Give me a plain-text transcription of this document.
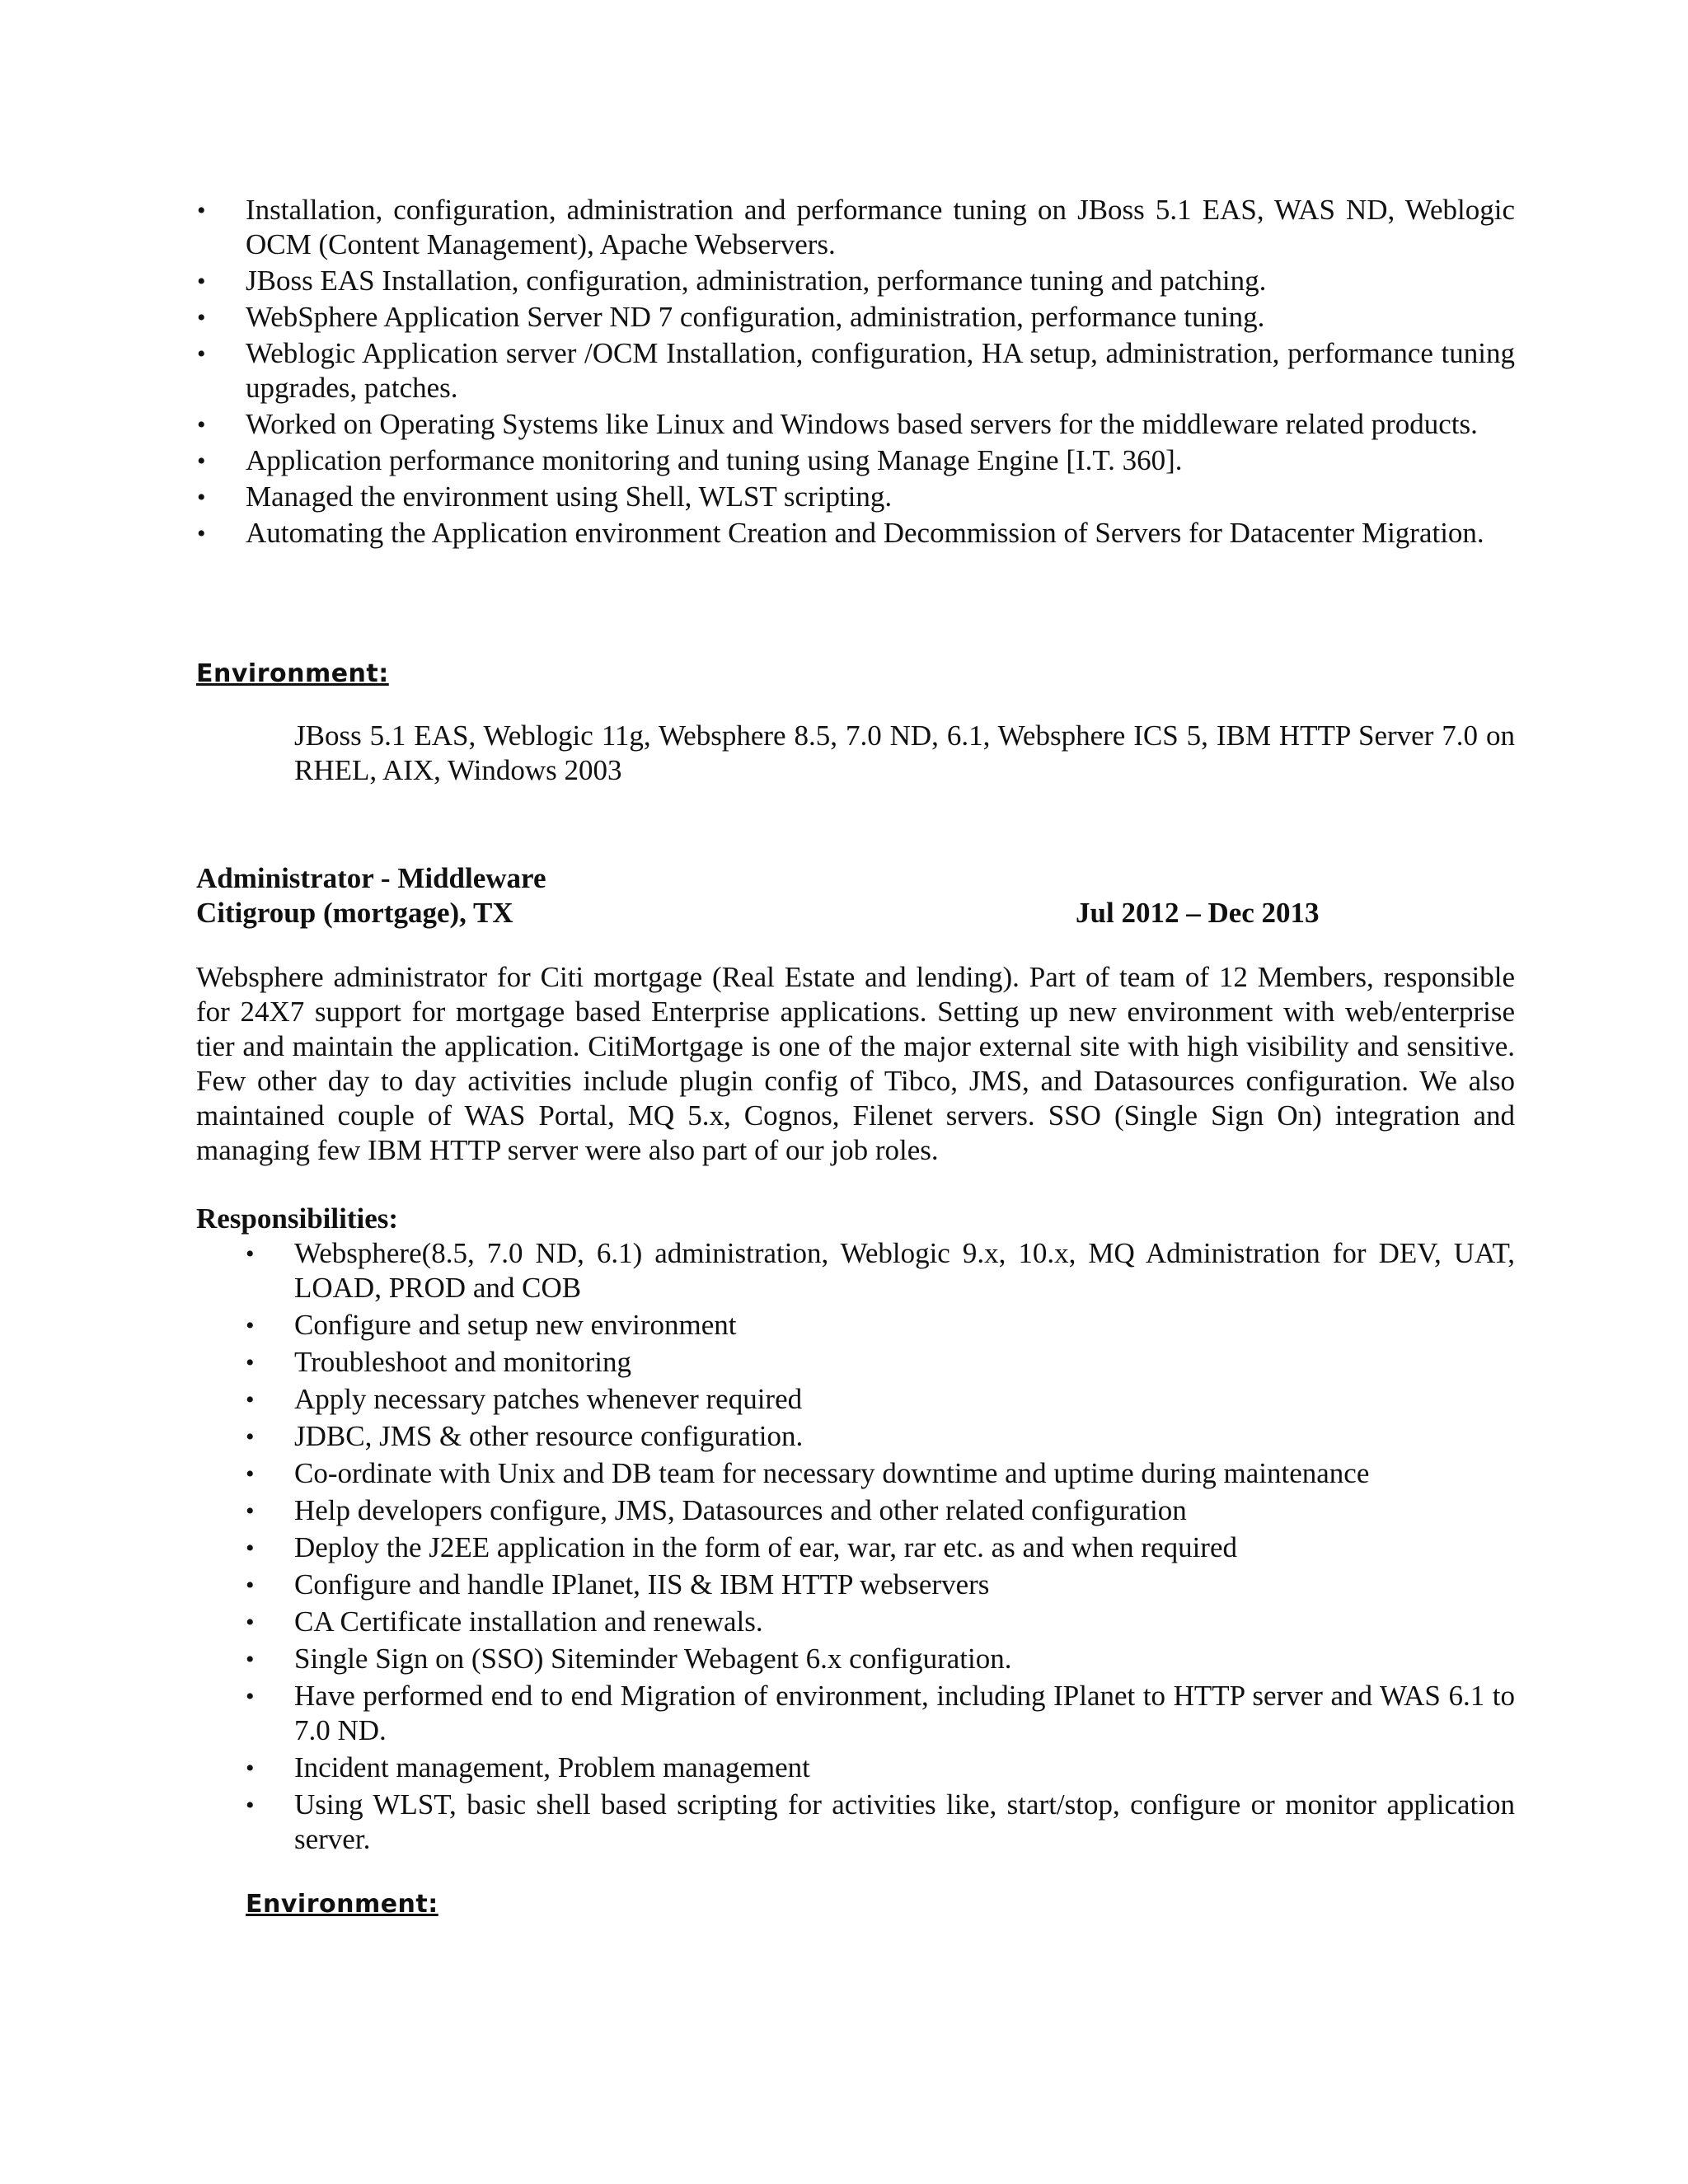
• Installation, configuration, administration and performance tuning on JBoss 5.1 EAS, WAS ND, Weblogic OCM (Content Management), Apache Webservers.
• JBoss EAS Installation, configuration, administration, performance tuning and patching.
• WebSphere Application Server ND 7 configuration, administration, performance tuning.
• Weblogic Application server /OCM Installation, configuration, HA setup, administration, performance tuning upgrades, patches.
• Worked on Operating Systems like Linux and Windows based servers for the middleware related products.
• Application performance monitoring and tuning using Manage Engine [I.T. 360].
• Managed the environment using Shell, WLST scripting.
• Automating the Application environment Creation and Decommission of Servers for Datacenter Migration.
Environment:
JBoss 5.1 EAS, Weblogic 11g, Websphere 8.5, 7.0 ND, 6.1, Websphere ICS 5, IBM HTTP Server 7.0 on RHEL, AIX, Windows 2003
Administrator - Middleware
Citigroup (mortgage), TX	Jul 2012 – Dec 2013
Websphere administrator for Citi mortgage (Real Estate and lending). Part of team of 12 Members, responsible for 24X7 support for mortgage based Enterprise applications. Setting up new environment with web/enterprise tier and maintain the application. CitiMortgage is one of the major external site with high visibility and sensitive. Few other day to day activities include plugin config of Tibco, JMS, and Datasources configuration. We also maintained couple of WAS Portal, MQ 5.x, Cognos, Filenet servers. SSO (Single Sign On) integration and managing few IBM HTTP server were also part of our job roles.
Responsibilities:
• Websphere(8.5, 7.0 ND, 6.1) administration, Weblogic 9.x, 10.x, MQ Administration for DEV, UAT, LOAD, PROD and COB
• Configure and setup new environment
• Troubleshoot and monitoring
• Apply necessary patches whenever required
• JDBC, JMS & other resource configuration.
• Co-ordinate with Unix and DB team for necessary downtime and uptime during maintenance
• Help developers configure, JMS, Datasources and other related configuration
• Deploy the J2EE application in the form of ear, war, rar etc. as and when required
• Configure and handle IPlanet, IIS & IBM HTTP webservers
• CA Certificate installation and renewals.
• Single Sign on (SSO) Siteminder Webagent 6.x configuration.
• Have performed end to end Migration of environment, including IPlanet to HTTP server and WAS 6.1 to 7.0 ND.
• Incident management, Problem management
• Using WLST, basic shell based scripting for activities like, start/stop, configure or monitor application server.
Environment:
